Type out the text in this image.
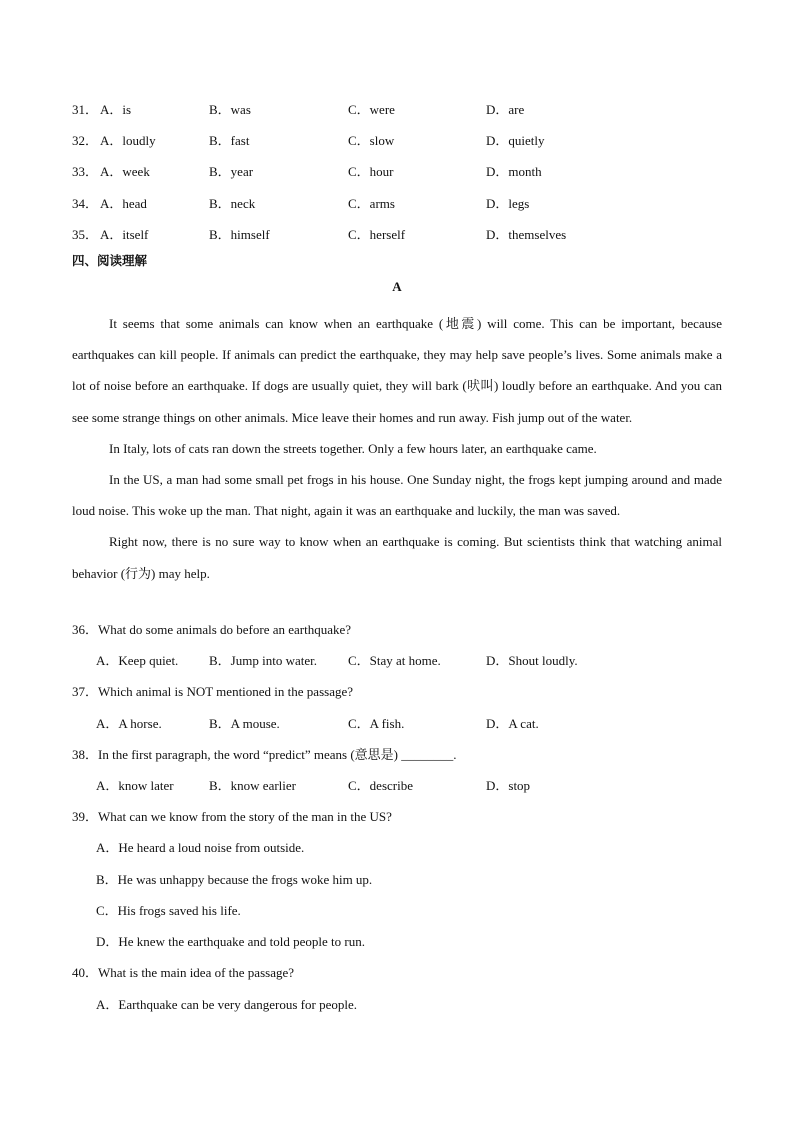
31． A．is	B．was	C．were	D．are
32． A．loudly	B．fast	C．slow	D．quietly
33． A．week	B．year	C．hour	D．month
34． A．head	B．neck	C．arms	D．legs
35． A．itself	B．himself	C．herself	D．themselves
四、阅读理解
A

It seems that some animals can know when an earthquake (地震) will come. This can be important, because earthquakes can kill people. If animals can predict the earthquake, they may help save people’s lives. Some animals make a lot of noise before an earthquake. If dogs are usually quiet, they will bark (吠叫) loudly before an earthquake. And you can see some strange things on other animals. Mice leave their homes and run away. Fish jump out of the water.

In Italy, lots of cats ran down the streets together. Only a few hours later, an earthquake came.

In the US, a man had some small pet frogs in his house. One Sunday night, the frogs kept jumping around and made loud noise. This woke up the man. That night, again it was an earthquake and luckily, the man was saved.

Right now, there is no sure way to know when an earthquake is coming. But scientists think that watching animal behavior (行为) may help.

36．What do some animals do before an earthquake?
A．Keep quiet. B．Jump into water. C．Stay at home.	D．Shout loudly.
37．Which animal is NOT mentioned in the passage?
A．A horse.	B．A mouse.	C．A fish.	D．A cat.
38．In the first paragraph, the word “predict” means (意思是) ________.
A．know later	B．know earlier	C．describe	D．stop
39．What can we know from the story of the man in the US?
A．He heard a loud noise from outside.
B．He was unhappy because the frogs woke him up.
C．His frogs saved his life.
D．He knew the earthquake and told people to run.
40．What is the main idea of the passage?
A．Earthquake can be very dangerous for people.
